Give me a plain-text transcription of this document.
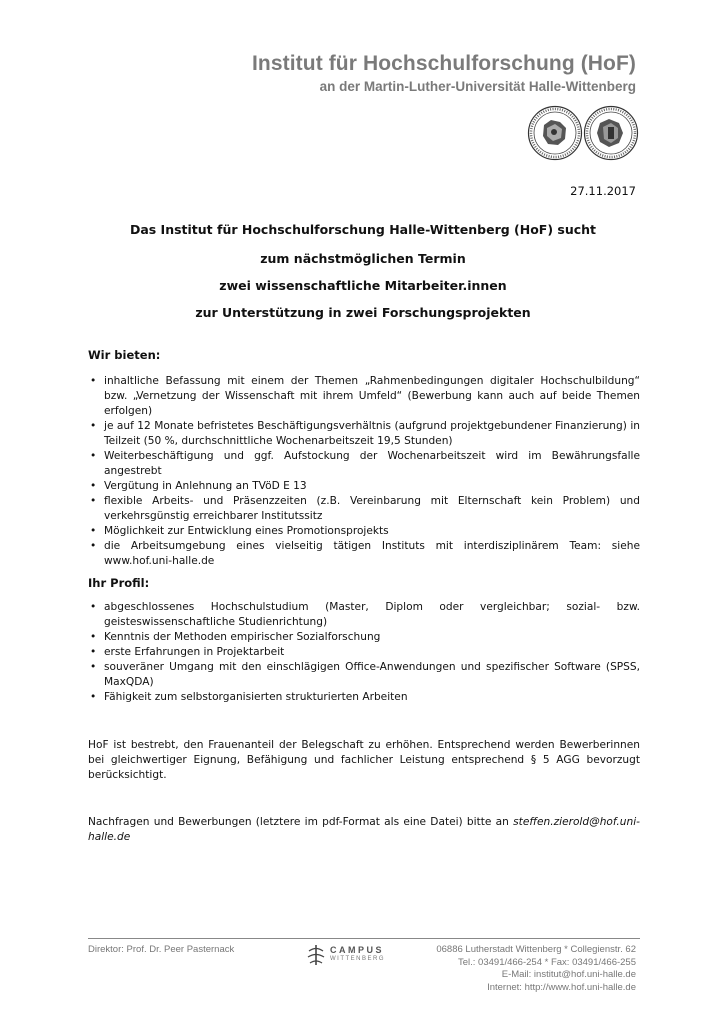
Institut für Hochschulforschung (HoF)
an der Martin-Luther-Universität Halle-Wittenberg
27.11.2017
Das Institut für Hochschulforschung Halle-Wittenberg (HoF) sucht
zum nächstmöglichen Termin
zwei wissenschaftliche Mitarbeiter.innen
zur Unterstützung in zwei Forschungsprojekten
Wir bieten:
• inhaltliche Befassung mit einem der Themen „Rahmenbedingungen digitaler Hochschulbildung“ bzw. „Vernetzung der Wissenschaft mit ihrem Umfeld“ (Bewerbung kann auch auf beide Themen erfolgen)
• je auf 12 Monate befristetes Beschäftigungsverhältnis (aufgrund projektgebundener Finanzierung) in Teilzeit (50 %, durchschnittliche Wochenarbeitszeit 19,5 Stunden)
• Weiterbeschäftigung und ggf. Aufstockung der Wochenarbeitszeit wird im Bewährungsfalle angestrebt
• Vergütung in Anlehnung an TVöD E 13
• flexible Arbeits- und Präsenzzeiten (z.B. Vereinbarung mit Elternschaft kein Problem) und verkehrsgünstig erreichbarer Institutssitz
• Möglichkeit zur Entwicklung eines Promotionsprojekts
• die Arbeitsumgebung eines vielseitig tätigen Instituts mit interdisziplinärem Team: siehe www.hof.uni-halle.de
Ihr Profil:
• abgeschlossenes Hochschulstudium (Master, Diplom oder vergleichbar; sozial- bzw. geisteswissenschaftliche Studienrichtung)
• Kenntnis der Methoden empirischer Sozialforschung
• erste Erfahrungen in Projektarbeit
• souveräner Umgang mit den einschlägigen Office-Anwendungen und spezifischer Software (SPSS, MaxQDA)
• Fähigkeit zum selbstorganisierten strukturierten Arbeiten
HoF ist bestrebt, den Frauenanteil der Belegschaft zu erhöhen. Entsprechend werden Bewerberinnen bei gleichwertiger Eignung, Befähigung und fachlicher Leistung entsprechend § 5 AGG bevorzugt berücksichtigt.
Nachfragen und Bewerbungen (letztere im pdf-Format als eine Datei) bitte an steffen.zierold@hof.uni-halle.de
Direktor: Prof. Dr. Peer Pasternack	CAMPUS
WITTENBERG
06886 Lutherstadt Wittenberg * Collegienstr. 62
Tel.: 03491/466-254 * Fax: 03491/466-255
E-Mail: institut@hof.uni-halle.de
Internet: http://www.hof.uni-halle.de
